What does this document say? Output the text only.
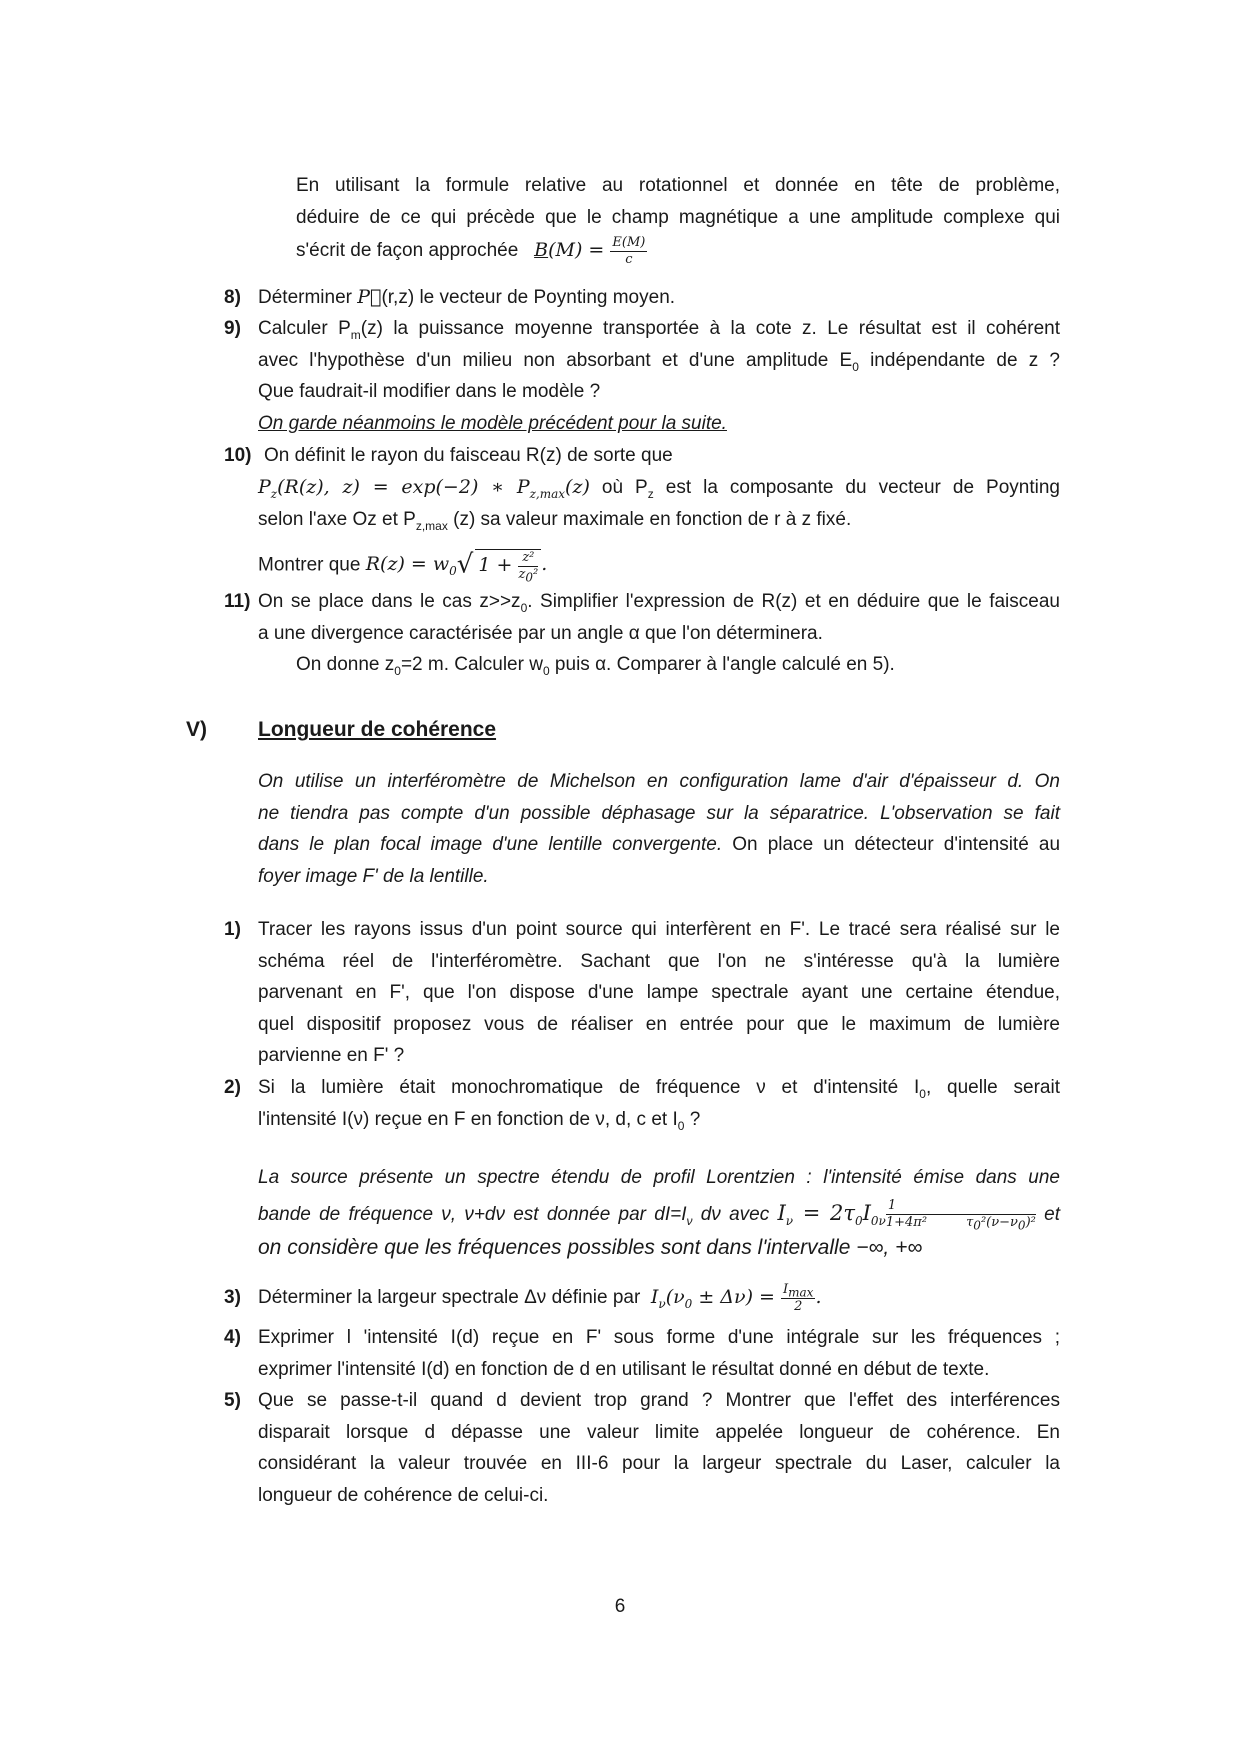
En utilisant la formule relative au rotationnel et donnée en tête de problème,

déduire de ce qui précède que le champ magnétique a une amplitude complexe qui

s'écrit de façon approchée $B(M) = \frac{E(M)}{c}$

8) Déterminer P⃗(r,z) le vecteur de Poynting moyen.

9) Calculer $P_m(z)$ la puissance moyenne transportée à la cote z. Le résultat est il cohérent

avec l'hypothèse d'un milieu non absorbant et d'une amplitude $E_0$ indépendante de z ?

Que faudrait-il modifier dans le modèle ?

On garde néanmoins le modèle précédent pour la suite.

10) On définit le rayon du faisceau R(z) de sorte que

$P_z(R(z)$, z) = exp(−2) ∗ $P_{z,max}(z)$ où $P_z$ est la composante du vecteur de Poynting

selon l'axe Oz et $P_{z,max}$ (z) sa valeur maximale en fonction de r à z fixé.

Montrer que $R(z) = w_0√$ $1 + \frac{\text{z²}}{z_0^2}$ .

11) On se place dans le cas $z>>z_0$. Simplifier l'expression de R(z) et en déduire que le faisceau

a une divergence caractérisée par un angle α que l'on déterminera.

On donne $z_0=2$ m. Calculer $w_0$ puis α. Comparer à l'angle calculé en 5).

V) Longueur de cohérence

On utilise un interféromètre de Michelson en configuration lame d'air d'épaisseur d. On

ne tiendra pas compte d'un possible déphasage sur la séparatrice. L'observation se fait

dans le plan focal image d'une lentille convergente. On place un détecteur d'intensité au

foyer image F' de la lentille.

1) Tracer les rayons issus d'un point source qui interfèrent en F'. Le tracé sera réalisé sur le

schéma réel de l'interféromètre. Sachant que l'on ne s'intéresse qu'à la lumière

parvenant en F', que l'on dispose d'une lampe spectrale ayant une certaine étendue,

quel dispositif proposez vous de réaliser en entrée pour que le maximum de lumière

parvienne en F' ?

2) Si la lumière était monochromatique de fréquence ν et d'intensité $I_0$, quelle serait

l'intensité I(ν) reçue en F en fonction de ν, d, c et $I_0$ ?

La source présente un spectre étendu de profil Lorentzien : l'intensité émise dans une

bande de fréquence ν, ν+dν est donnée par $dI=I_\nu$ dν avec $I_\nu = 2\tau_0I_{0\nu} \frac{1}{1+4\pi^2 \tau_0^2(\nu-\nu_0)^2}$ et

on considère que les fréquences possibles sont dans l'intervalle −∞, +∞

3) Déterminer la largeur spectrale Δν définie par $I_\nu(\nu_0 \pm \Delta\nu) = \frac{I_{max}}{2}$ .

4) Exprimer l 'intensité I(d) reçue en F' sous forme d'une intégrale sur les fréquences ;

exprimer l'intensité I(d) en fonction de d en utilisant le résultat donné en début de texte.

5) Que se passe-t-il quand d devient trop grand ? Montrer que l'effet des interférences

disparait lorsque d dépasse une valeur limite appelée longueur de cohérence. En

considérant la valeur trouvée en III-6 pour la largeur spectrale du Laser, calculer la

longueur de cohérence de celui-ci.

6
